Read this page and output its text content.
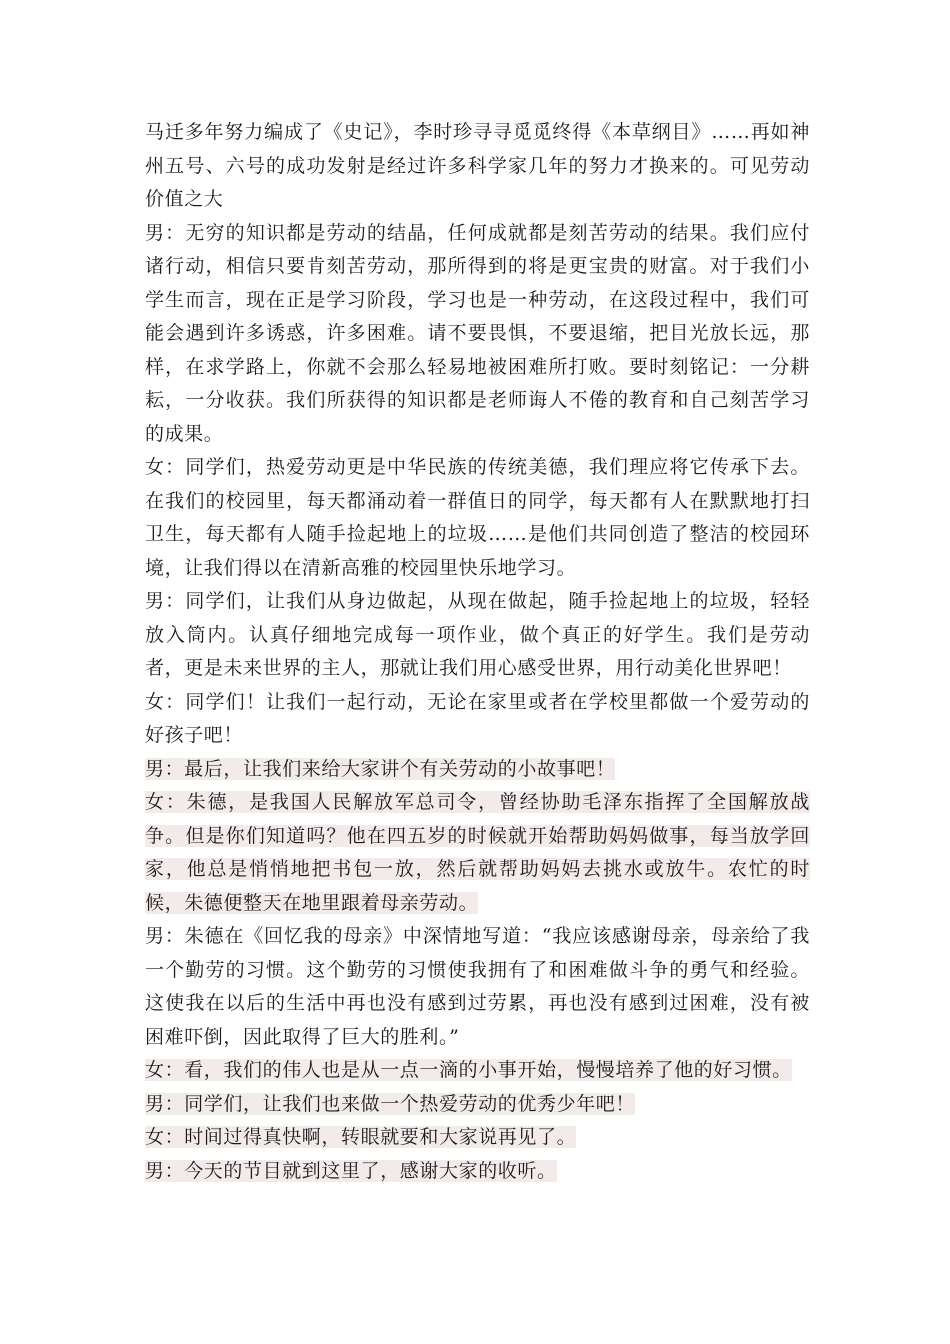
马迁多年努力编成了《史记》，李时珍寻寻觅觅终得《本草纲目》……再如神州五号、六号的成功发射是经过许多科学家几年的努力才换来的。可见劳动价值之大

男：无穷的知识都是劳动的结晶，任何成就都是刻苦劳动的结果。我们应付诸行动，相信只要肯刻苦劳动，那所得到的将是更宝贵的财富。对于我们小学生而言，现在正是学习阶段，学习也是一种劳动，在这段过程中，我们可能会遇到许多诱惑，许多困难。请不要畏惧，不要退缩，把目光放长远，那样，在求学路上，你就不会那么轻易地被困难所打败。要时刻铭记：一分耕耘，一分收获。我们所获得的知识都是老师诲人不倦的教育和自己刻苦学习的成果。

女：同学们，热爱劳动更是中华民族的传统美德，我们理应将它传承下去。在我们的校园里，每天都涌动着一群值日的同学，每天都有人在默默地打扫卫生，每天都有人随手捡起地上的垃圾……是他们共同创造了整洁的校园环境，让我们得以在清新高雅的校园里快乐地学习。

男：同学们，让我们从身边做起，从现在做起，随手捡起地上的垃圾，轻轻放入筒内。认真仔细地完成每一项作业，做个真正的好学生。我们是劳动者，更是未来世界的主人，那就让我们用心感受世界，用行动美化世界吧！

女：同学们！让我们一起行动，无论在家里或者在学校里都做一个爱劳动的好孩子吧！

男：最后，让我们来给大家讲个有关劳动的小故事吧！

女：朱德，是我国人民解放军总司令，曾经协助毛泽东指挥了全国解放战争。但是你们知道吗？他在四五岁的时候就开始帮助妈妈做事，每当放学回家，他总是悄悄地把书包一放，然后就帮助妈妈去挑水或放牛。农忙的时候，朱德便整天在地里跟着母亲劳动。

男：朱德在《回忆我的母亲》中深情地写道：“我应该感谢母亲，母亲给了我一个勤劳的习惯。这个勤劳的习惯使我拥有了和困难做斗争的勇气和经验。这使我在以后的生活中再也没有感到过劳累，再也没有感到过困难，没有被困难吓倒，因此取得了巨大的胜利。”

女：看，我们的伟人也是从一点一滴的小事开始，慢慢培养了他的好习惯。

男：同学们，让我们也来做一个热爱劳动的优秀少年吧！

女：时间过得真快啊，转眼就要和大家说再见了。

男：今天的节目就到这里了，感谢大家的收听。
